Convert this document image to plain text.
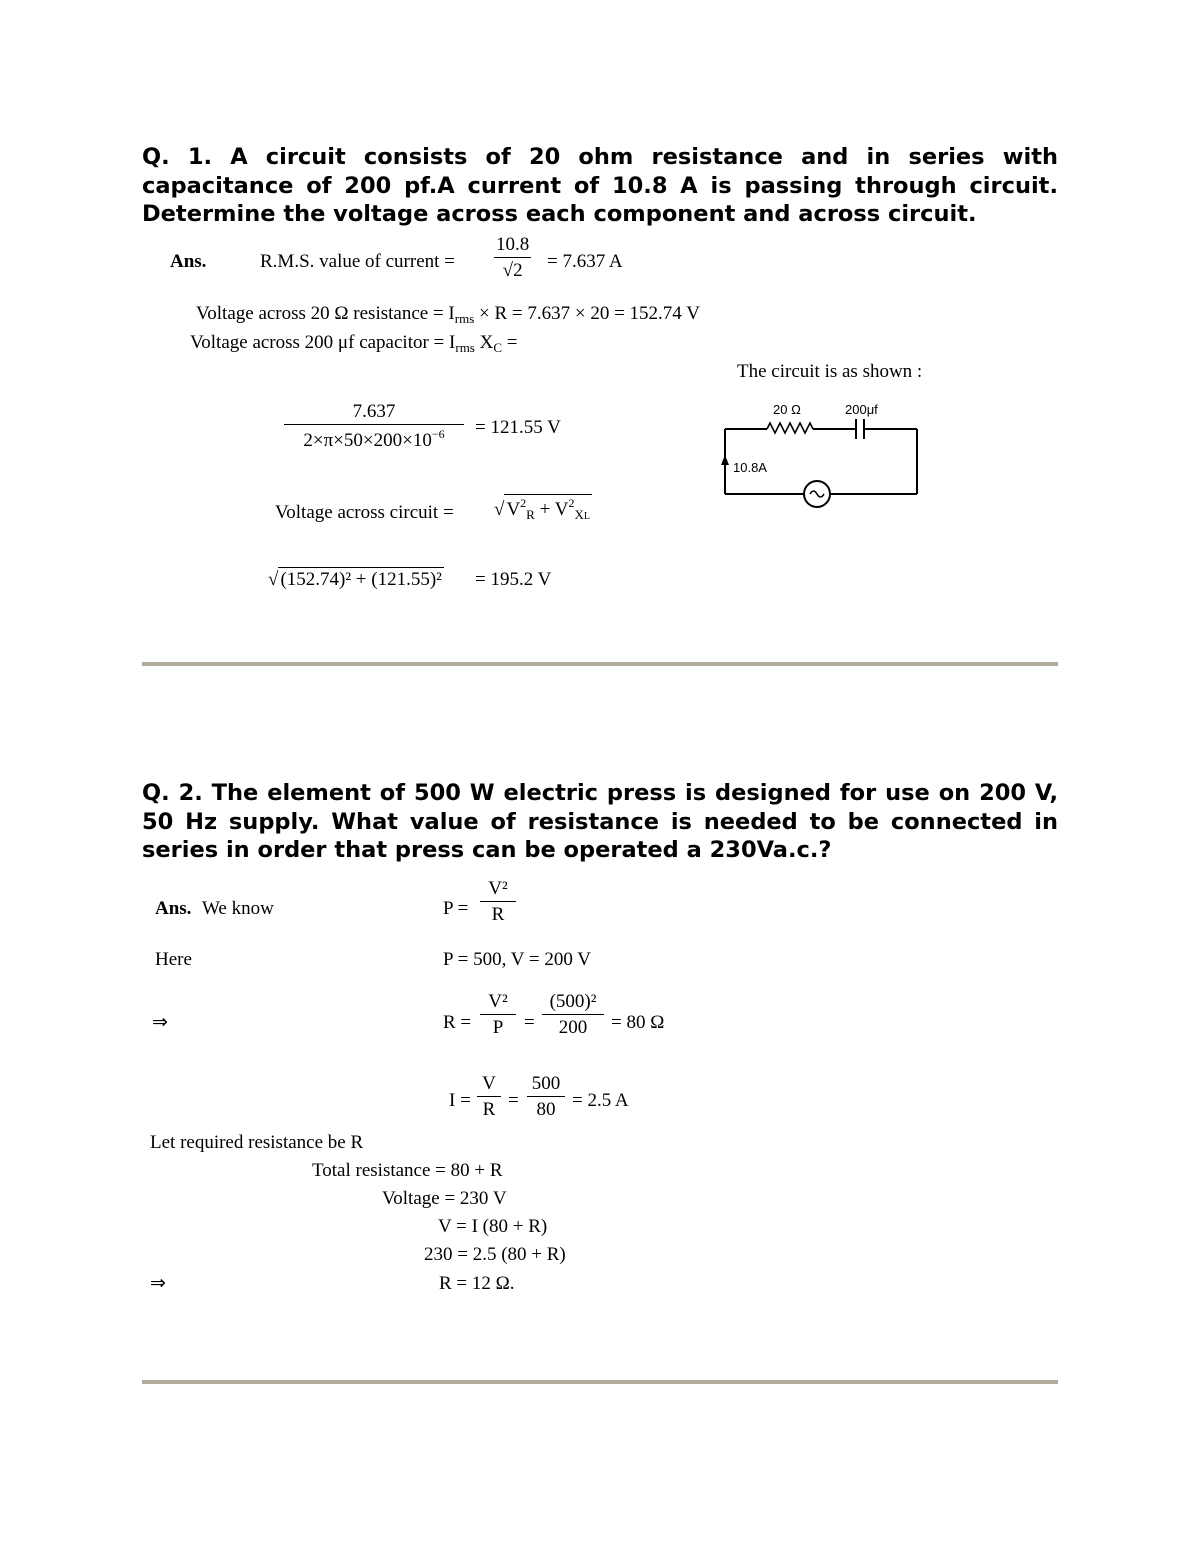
Q. 1. A circuit consists of 20 ohm resistance and in series with capacitance of 200 pf.A current of 10.8 A is passing through circuit. Determine the voltage across each component and across circuit.
Ans.	R.M.S. value of current = $\frac{10.8}{√2} = 7.637$ A
Voltage across 20 Ω resistance = $I_{rms} \times R = 7.637 \times 20 = 152.74$ V
Voltage across 200 μf capacitor = $I_{rms}$ $X_C$ =
$\frac{7.637}{2\times\pi\times 50\times 200\times 10^{-6}} = 121.55$ V
Voltage across circuit = √ $V^2_R + V^2_{XL}$
√ (152.74)² + (121.55)² = 195.2 V
The circuit is as shown :
20 Ω	200μf
10.8A
Q. 2. The element of 500 W electric press is designed for use on 200 V, 50 Hz supply. What value of resistance is needed to be connected in series in order that press can be operated a 230Va.c.?
Ans. We know	$P = \frac{\text{V²}}{R}$
Here	P = 500, V = 200 V
⇒	$R = \frac{\text{V²}}{P} = \frac{\text{(500)²}}{200} = 80$ Ω
$I = \frac{V}{R} = \frac{500}{80} = 2.5$ A
Let required resistance be R
Total resistance = 80 + R
Voltage = 230 V
V = I (80 + R)
230 = 2.5 (80 + R)
⇒	R = 12 Ω.
